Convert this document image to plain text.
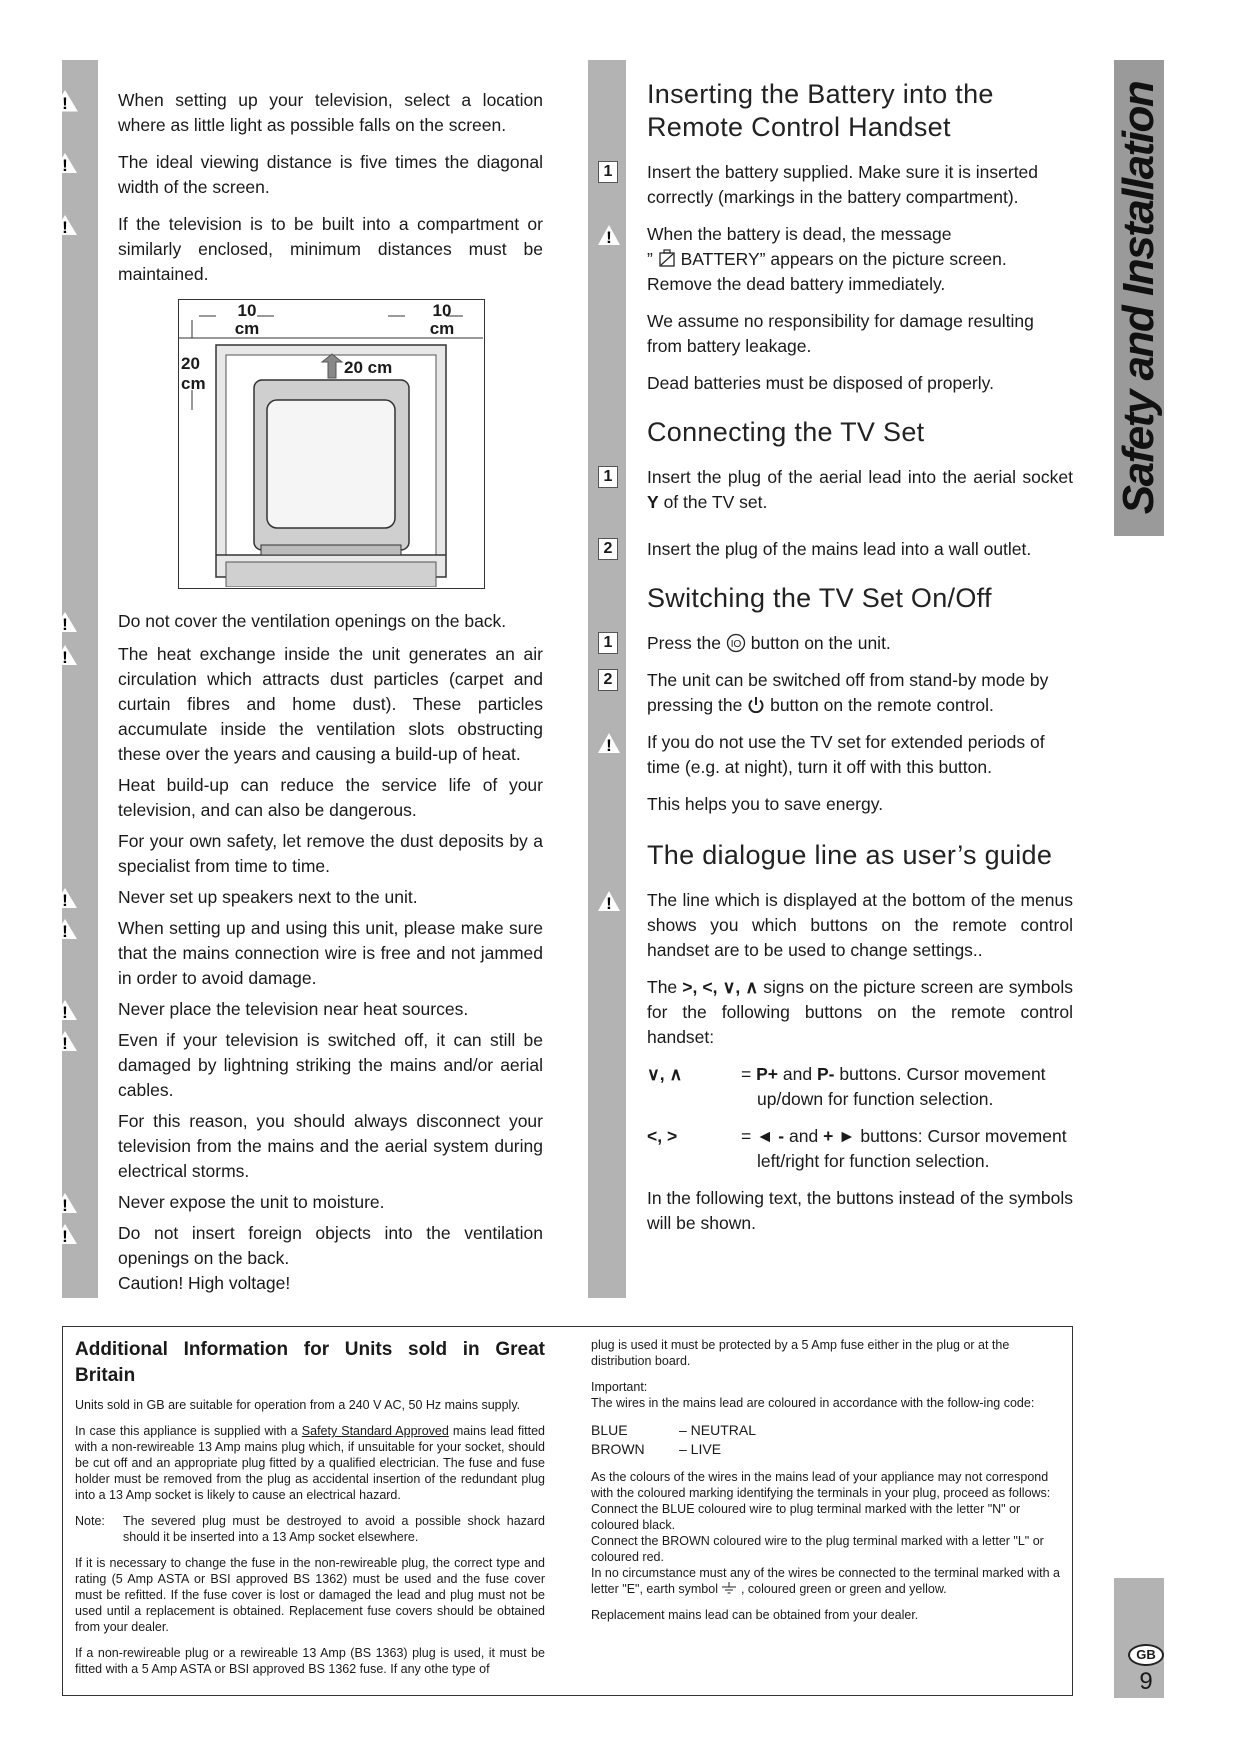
!	When setting up your television, select a location where as little light as possible falls on the screen.
!	The ideal viewing distance is five times the diagonal width of the screen.
!	If the television is to be built into a compartment or similarly enclosed, minimum distances must be maintained.
10
cm
10
cm
20
cm
20 cm
!	Do not cover the ventilation openings on the back.
!	The heat exchange inside the unit generates an air circulation which attracts dust particles (carpet and curtain fibres and home dust). These particles accumulate inside the ventilation slots obstructing these over the years and causing a build-up of heat.
Heat build-up can reduce the service life of your television, and can also be dangerous.
For your own safety, let remove the dust deposits by a specialist from time to time.
!	Never set up speakers next to the unit.
!	When setting up and using this unit, please make sure that the mains connection wire is free and not jammed in order to avoid damage.
!	Never place the television near heat sources.
!	Even if your television is switched off, it can still be damaged by lightning striking the mains and/or aerial cables.
For this reason, you should always disconnect your television from the mains and the aerial system during electrical storms.
!	Never expose the unit to moisture.
!	Do not insert foreign objects into the ventilation openings on the back.
Caution! High voltage!
Inserting the Battery into the Remote Control Handset
1	Insert the battery supplied. Make sure it is inserted correctly (markings in the battery compartment).
! When the battery is dead, the message
” BATTERY” appears on the picture screen.
Remove the dead battery immediately.
We assume no responsibility for damage resulting from battery leakage.
Dead batteries must be disposed of properly.
Connecting the TV Set
1	Insert the plug of the aerial lead into the aerial socket Y of the TV set.
2	Insert the plug of the mains lead into a wall outlet.
Switching the TV Set On/Off
1	Press the IO button on the unit.
2	The unit can be switched off from stand-by mode by pressing the button on the remote control.
! If you do not use the TV set for extended periods of time (e.g. at night), turn it off with this button.
This helps you to save energy.
The dialogue line as user’s guide
! The line which is displayed at the bottom of the menus shows you which buttons on the remote control handset are to be used to change settings..
The >, <, ∨, ∧ signs on the picture screen are symbols for the following buttons on the remote control handset:
∨, ∧	= P+ and P- buttons. Cursor movement up/down for function selection.
<, >	= ◄ - and + ► buttons: Cursor movement left/right for function selection.
In the following text, the buttons instead of the symbols will be shown.
Safety and Installation
GB
9
Additional Information for Units sold in Great Britain

Units sold in GB are suitable for operation from a 240 V AC, 50 Hz mains supply.

In case this appliance is supplied with a Safety Standard Approved mains lead fitted with a non-rewireable 13 Amp mains plug which, if unsuitable for your socket, should be cut off and an appropriate plug fitted by a qualified electrician. The fuse and fuse holder must be removed from the plug as accidental insertion of the redundant plug into a 13 Amp socket is likely to cause an electrical hazard.

Note:	The severed plug must be destroyed to avoid a possible shock hazard should it be inserted into a 13 Amp socket elsewhere.

If it is necessary to change the fuse in the non-rewireable plug, the correct type and rating (5 Amp ASTA or BSI approved BS 1362) must be used and the fuse cover must be refitted. If the fuse cover is lost or damaged the lead and plug must not be used until a replacement is obtained. Replacement fuse covers should be obtained from your dealer.

If a non-rewireable plug or a rewireable 13 Amp (BS 1363) plug is used, it must be fitted with a 5 Amp ASTA or BSI approved BS 1362 fuse. If any othe type of

plug is used it must be protected by a 5 Amp fuse either in the plug or at the distribution board.

Important:
The wires in the mains lead are coloured in accordance with the follow-ing code:

BLUE	– NEUTRAL
BROWN	– LIVE
As the colours of the wires in the mains lead of your appliance may not correspond with the coloured marking identifying the terminals in your plug, proceed as follows:
Connect the BLUE coloured wire to plug terminal marked with the letter "N" or coloured black.
Connect the BROWN coloured wire to the plug terminal marked with a letter "L" or coloured red.
In no circumstance must any of the wires be connected to the terminal marked with a letter "E", earth symbol , coloured green or green and yellow.
Replacement mains lead can be obtained from your dealer.
